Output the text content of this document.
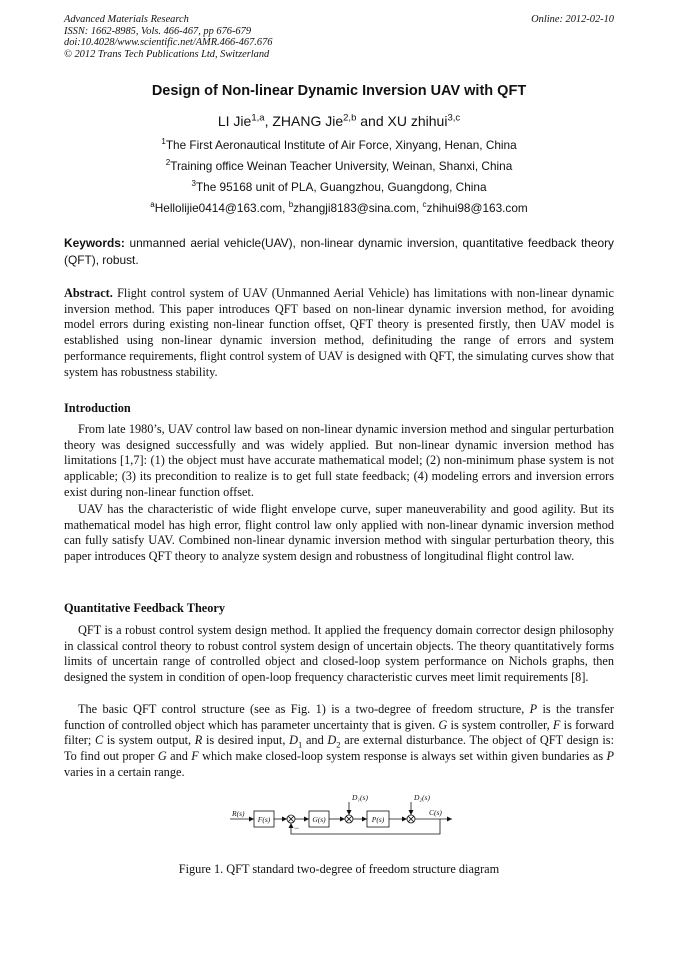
Advanced Materials Research
ISSN: 1662-8985, Vols. 466-467, pp 676-679
doi:10.4028/www.scientific.net/AMR.466-467.676
© 2012 Trans Tech Publications Ltd, Switzerland
Online: 2012-02-10
Design of Non-linear Dynamic Inversion UAV with QFT
LI Jie$^{1,a}$, ZHANG Jie$^{2,b}$ and XU zhihui$^{3,c}$
$^1$The First Aeronautical Institute of Air Force, Xinyang, Henan, China
$^2$Training office Weinan Teacher University, Weinan, Shanxi, China
$^3$The 95168 unit of PLA, Guangzhou, Guangdong, China
$^a$Hellolijie0414@163.com, $^b$zhangji8183@sina.com, $^c$zhihui98@163.com
Keywords: unmanned aerial vehicle(UAV), non-linear dynamic inversion, quantitative feedback theory (QFT), robust.
Abstract. Flight control system of UAV (Unmanned Aerial Vehicle) has limitations with non-linear dynamic inversion method. This paper introduces QFT based on non-linear dynamic inversion method, for avoiding model errors during existing non-linear function offset, QFT theory is presented firstly, then UAV model is established using non-linear dynamic inversion method, definituding the range of errors and system performance requirements, flight control system of UAV is designed with QFT, the simulating curves show that system has robustness stability.
Introduction
From late 1980’s, UAV control law based on non-linear dynamic inversion method and singular perturbation theory was designed successfully and was widely applied. But non-linear dynamic inversion method has limitations [1,7]: (1) the object must have accurate mathematical model; (2) non-minimum phase system is not applicable; (3) its precondition to realize is to get full state feedback; (4) modeling errors and inversion errors exist during non-linear function offset.
UAV has the characteristic of wide flight envelope curve, super maneuverability and good agility. But its mathematical model has high error, flight control law only applied with non-linear dynamic inversion method can fully satisfy UAV. Combined non-linear dynamic inversion method with singular perturbation theory, this paper introduces QFT theory to analyze system design and robustness of longitudinal flight control law.
Quantitative Feedback Theory
QFT is a robust control system design method. It applied the frequency domain corrector design philosophy in classical control theory to robust control system design of uncertain objects. The theory quantitatively forms limits of uncertain range of controlled object and closed-loop system performance on Nichols graphs, then designed the system in condition of open-loop frequency characteristic curves meet limit requirements [8].
The basic QFT control structure (see as Fig. 1) is a two-degree of freedom structure, P is the transfer function of controlled object which has parameter uncertainty that is given. G is system controller, F is forward filter; C is system output, R is desired input, $D_1$ and $D_2$ are external disturbance. The object of QFT design is: To find out proper G and F which make closed-loop system response is always set within given bundaries as P varies in a certain range.
R(s)
F(s)	G(s)	P(s)
D₁(s)	D₂(s)
C(s)
−
Figure 1. QFT standard two-degree of freedom structure diagram
